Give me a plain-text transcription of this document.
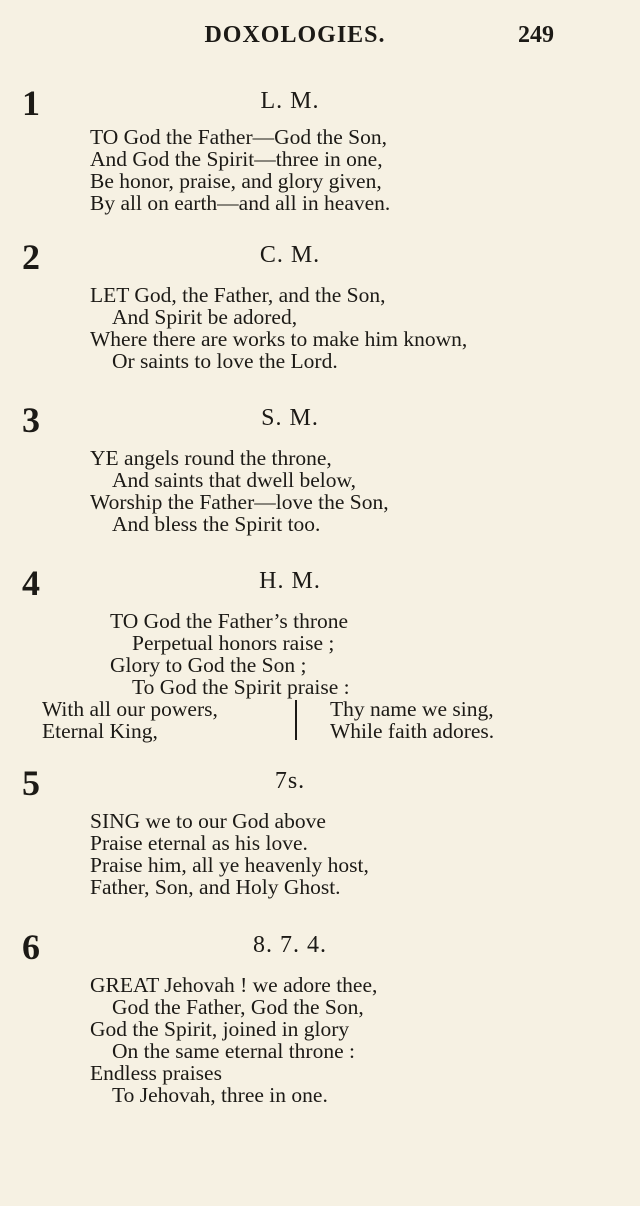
DOXOLOGIES.	249
1	L. M.
TO God the Father—God the Son,
And God the Spirit—three in one,
Be honor, praise, and glory given,
By all on earth—and all in heaven.
2	C. M.
LET God, the Father, and the Son,
And Spirit be adored,
Where there are works to make him known,
Or saints to love the Lord.
3	S. M.
YE angels round the throne,
And saints that dwell below,
Worship the Father—love the Son,
And bless the Spirit too.
4	H. M.
TO God the Father’s throne
Perpetual honors raise ;
Glory to God the Son ;
To God the Spirit praise :
With all our powers,
Eternal King,
Thy name we sing,
While faith adores.
5	7s.
SING we to our God above
Praise eternal as his love.
Praise him, all ye heavenly host,
Father, Son, and Holy Ghost.
6	8. 7. 4.
GREAT Jehovah ! we adore thee,
God the Father, God the Son,
God the Spirit, joined in glory
On the same eternal throne :
Endless praises
To Jehovah, three in one.
